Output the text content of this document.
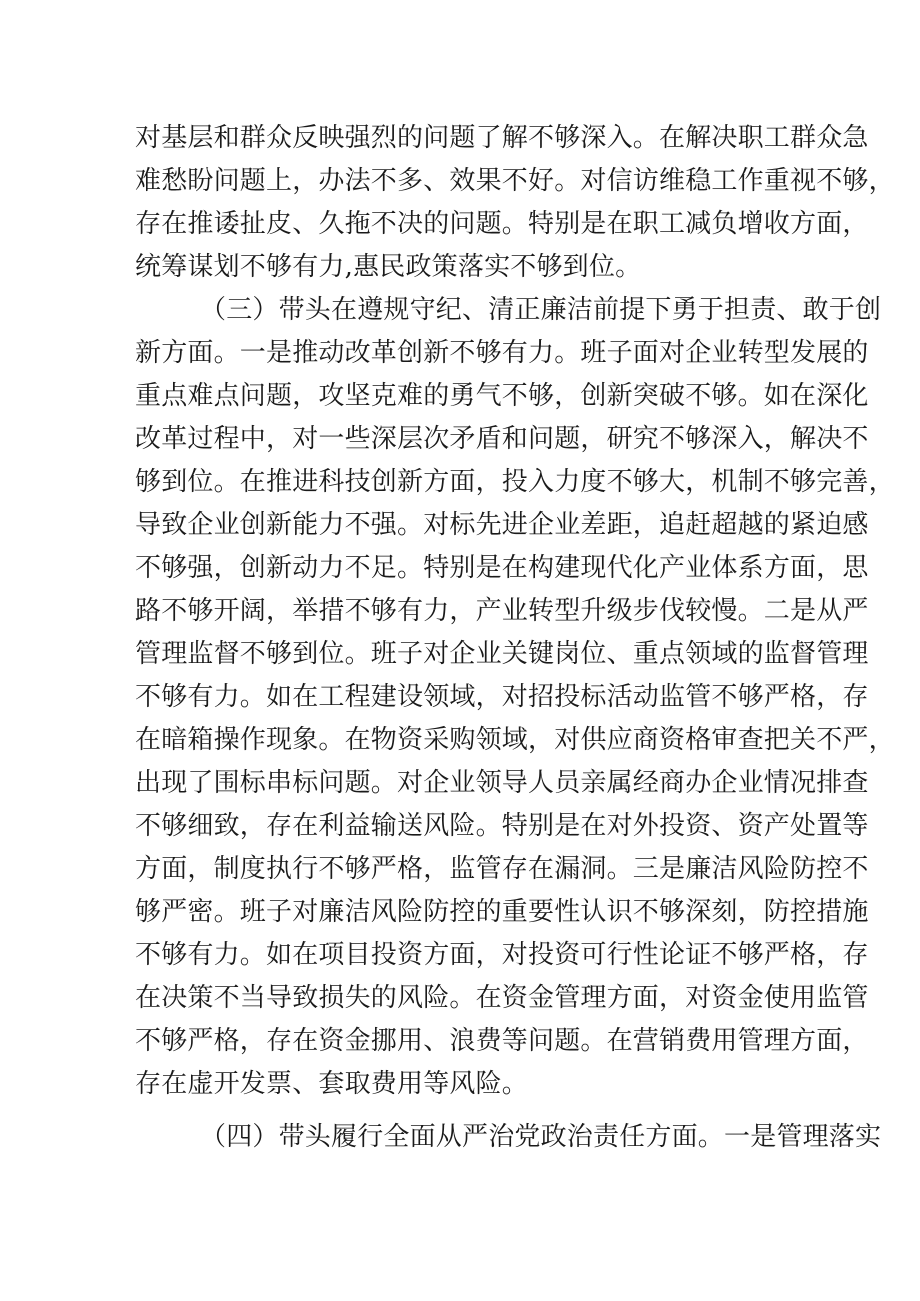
对基层和群众反映强烈的问题了解不够深入。在解决职工群众急
难愁盼问题上，办法不多、效果不好。对信访维稳工作重视不够，
存在推诿扯皮、久拖不决的问题。特别是在职工减负增收方面，
统筹谋划不够有力,惠民政策落实不够到位。
（三）带头在遵规守纪、清正廉洁前提下勇于担责、敢于创
新方面。一是推动改革创新不够有力。班子面对企业转型发展的
重点难点问题，攻坚克难的勇气不够，创新突破不够。如在深化
改革过程中，对一些深层次矛盾和问题，研究不够深入，解决不
够到位。在推进科技创新方面，投入力度不够大，机制不够完善，
导致企业创新能力不强。对标先进企业差距，追赶超越的紧迫感
不够强，创新动力不足。特别是在构建现代化产业体系方面，思
路不够开阔，举措不够有力，产业转型升级步伐较慢。二是从严
管理监督不够到位。班子对企业关键岗位、重点领域的监督管理
不够有力。如在工程建设领域，对招投标活动监管不够严格，存
在暗箱操作现象。在物资采购领域，对供应商资格审查把关不严，
出现了围标串标问题。对企业领导人员亲属经商办企业情况排查
不够细致，存在利益输送风险。特别是在对外投资、资产处置等
方面，制度执行不够严格，监管存在漏洞。三是廉洁风险防控不
够严密。班子对廉洁风险防控的重要性认识不够深刻，防控措施
不够有力。如在项目投资方面，对投资可行性论证不够严格，存
在决策不当导致损失的风险。在资金管理方面，对资金使用监管
不够严格，存在资金挪用、浪费等问题。在营销费用管理方面，
存在虚开发票、套取费用等风险。
（四）带头履行全面从严治党政治责任方面。一是管理落实
